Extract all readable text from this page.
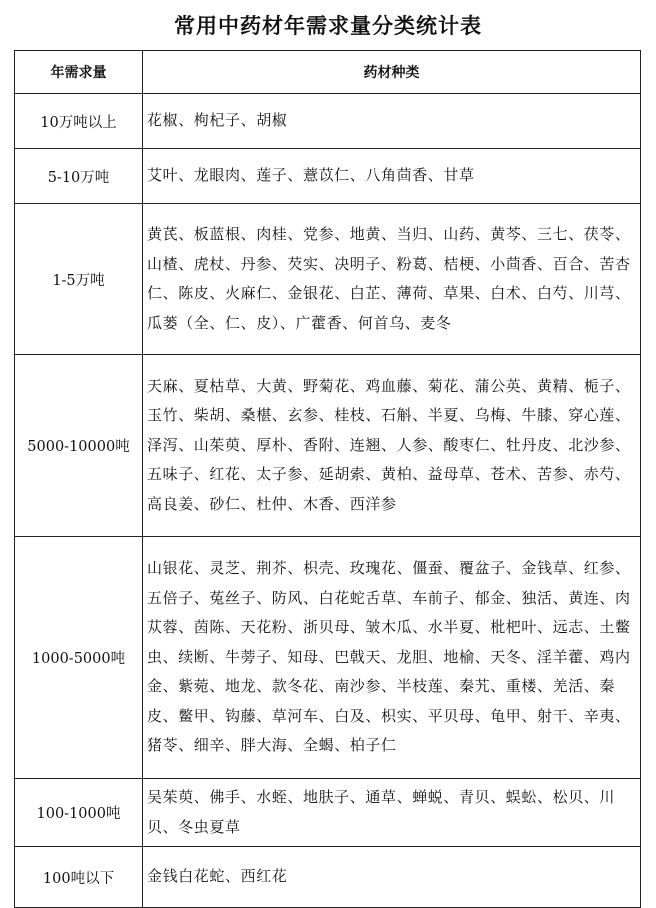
常用中药材年需求量分类统计表
年需求量	药材种类
10万吨以上	花椒、枸杞子、胡椒
5-10万吨	艾叶、龙眼肉、莲子、薏苡仁、八角茴香、甘草
1-5万吨	黄芪、板蓝根、肉桂、党参、地黄、当归、山药、黄芩、三七、茯苓、山楂、虎杖、丹参、芡实、决明子、粉葛、桔梗、小茴香、百合、苦杏仁、陈皮、火麻仁、金银花、白芷、薄荷、草果、白术、白芍、川芎、瓜蒌（全、仁、皮）、广藿香、何首乌、麦冬
5000-10000吨	天麻、夏枯草、大黄、野菊花、鸡血藤、菊花、蒲公英、黄精、栀子、玉竹、柴胡、桑椹、玄参、桂枝、石斛、半夏、乌梅、牛膝、穿心莲、泽泻、山茱萸、厚朴、香附、连翘、人参、酸枣仁、牡丹皮、北沙参、五味子、红花、太子参、延胡索、黄柏、益母草、苍术、苦参、赤芍、高良姜、砂仁、杜仲、木香、西洋参
1000-5000吨	山银花、灵芝、荆芥、枳壳、玫瑰花、僵蚕、覆盆子、金钱草、红参、五倍子、菟丝子、防风、白花蛇舌草、车前子、郁金、独活、黄连、肉苁蓉、茵陈、天花粉、浙贝母、皱木瓜、水半夏、枇杷叶、远志、土鳖虫、续断、牛蒡子、知母、巴戟天、龙胆、地榆、天冬、淫羊藿、鸡内金、紫菀、地龙、款冬花、南沙参、半枝莲、秦艽、重楼、羌活、秦皮、鳖甲、钩藤、草河车、白及、枳实、平贝母、龟甲、射干、辛夷、猪苓、细辛、胖大海、全蝎、柏子仁
100-1000吨	吴茱萸、佛手、水蛭、地肤子、通草、蝉蜕、青贝、蜈蚣、松贝、川贝、冬虫夏草
100吨以下	金钱白花蛇、西红花
